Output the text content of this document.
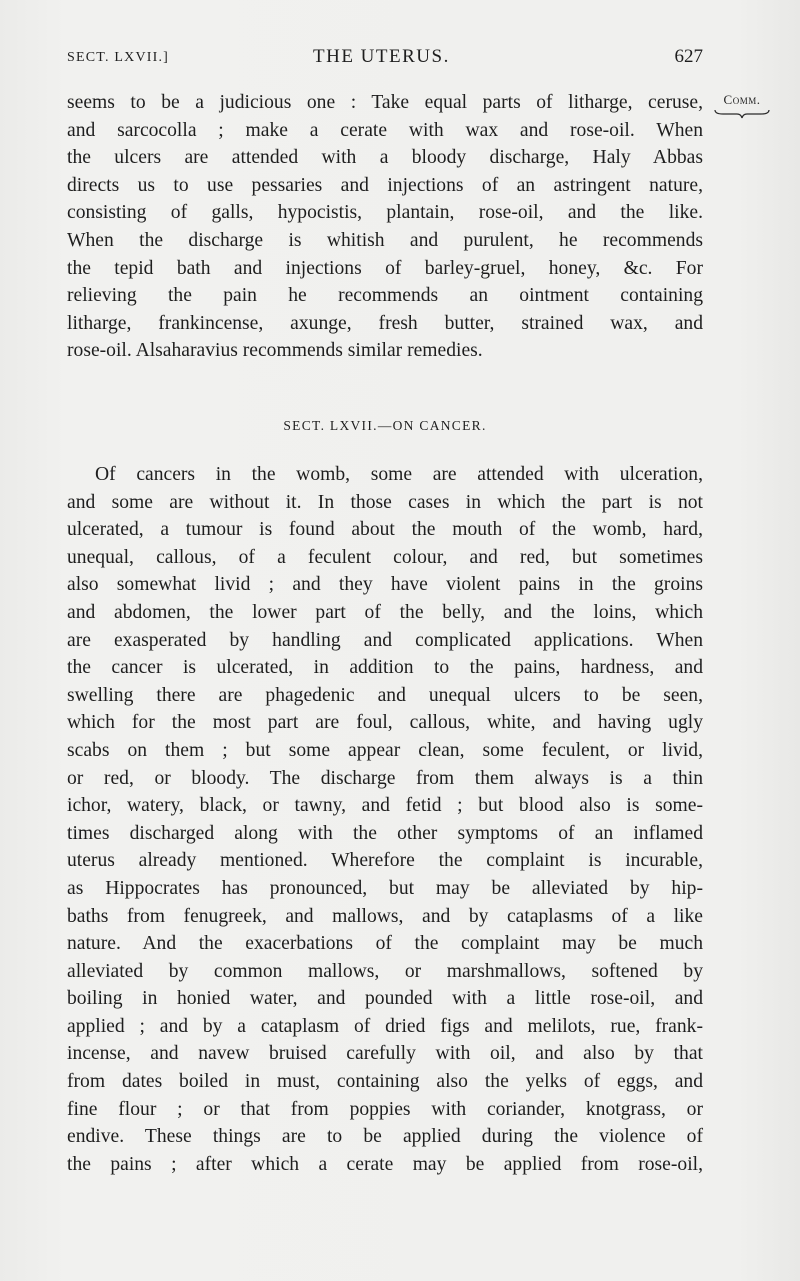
SECT. LXVII.]	THE UTERUS.	627
Comm.
seems to be a judicious one : Take equal parts of litharge, ceruse,
and sarcocolla ; make a cerate with wax and rose-oil. When
the ulcers are attended with a bloody discharge, Haly Abbas
directs us to use pessaries and injections of an astringent nature,
consisting of galls, hypocistis, plantain, rose-oil, and the like.
When the discharge is whitish and purulent, he recommends
the tepid bath and injections of barley-gruel, honey, &c. For
relieving the pain he recommends an ointment containing
litharge, frankincense, axunge, fresh butter, strained wax, and
rose-oil. Alsaharavius recommends similar remedies.
SECT. LXVII.—ON CANCER.
Of cancers in the womb, some are attended with ulceration,
and some are without it. In those cases in which the part is not
ulcerated, a tumour is found about the mouth of the womb, hard,
unequal, callous, of a feculent colour, and red, but sometimes
also somewhat livid ; and they have violent pains in the groins
and abdomen, the lower part of the belly, and the loins, which
are exasperated by handling and complicated applications. When
the cancer is ulcerated, in addition to the pains, hardness, and
swelling there are phagedenic and unequal ulcers to be seen,
which for the most part are foul, callous, white, and having ugly
scabs on them ; but some appear clean, some feculent, or livid,
or red, or bloody. The discharge from them always is a thin
ichor, watery, black, or tawny, and fetid ; but blood also is some-
times discharged along with the other symptoms of an inflamed
uterus already mentioned. Wherefore the complaint is incurable,
as Hippocrates has pronounced, but may be alleviated by hip-
baths from fenugreek, and mallows, and by cataplasms of a like
nature. And the exacerbations of the complaint may be much
alleviated by common mallows, or marshmallows, softened by
boiling in honied water, and pounded with a little rose-oil, and
applied ; and by a cataplasm of dried figs and melilots, rue, frank-
incense, and navew bruised carefully with oil, and also by that
from dates boiled in must, containing also the yelks of eggs, and
fine flour ; or that from poppies with coriander, knotgrass, or
endive. These things are to be applied during the violence of
the pains ; after which a cerate may be applied from rose-oil,
